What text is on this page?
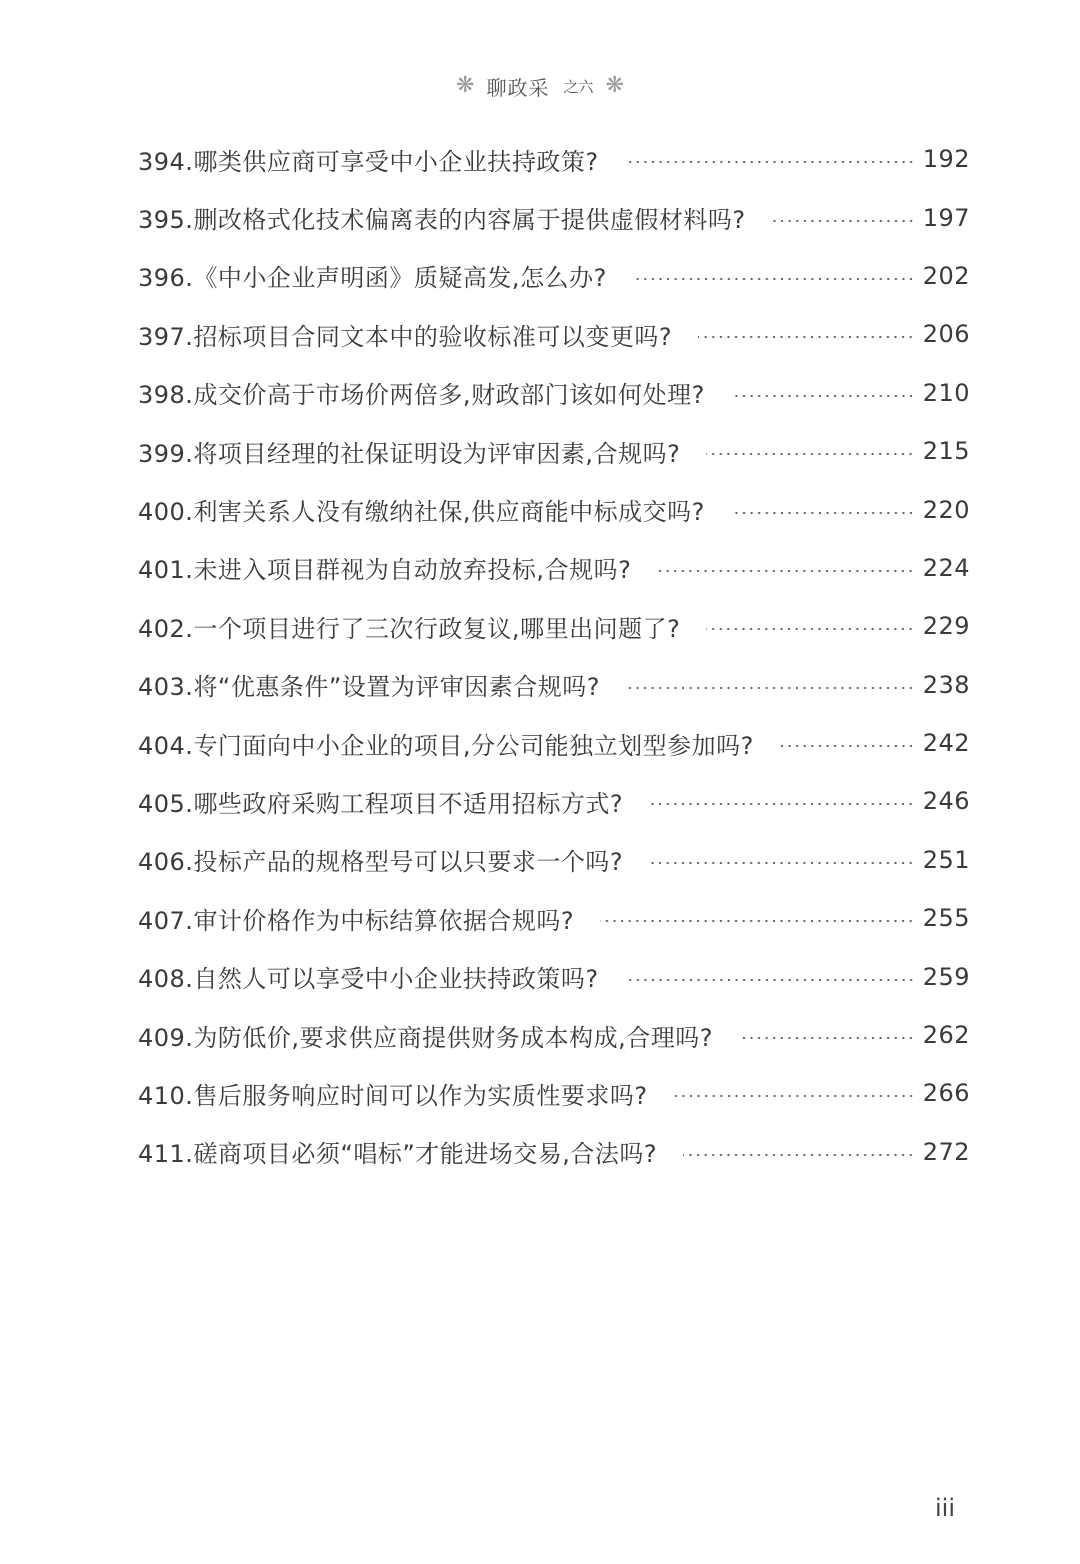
❋ 聊政采 之六 ❋
394.哪类供应商可享受中小企业扶持政策?	192
395.删改格式化技术偏离表的内容属于提供虚假材料吗?	197
396.《中小企业声明函》质疑高发,怎么办?	202
397.招标项目合同文本中的验收标准可以变更吗?	206
398.成交价高于市场价两倍多,财政部门该如何处理?	210
399.将项目经理的社保证明设为评审因素,合规吗?	215
400.利害关系人没有缴纳社保,供应商能中标成交吗?	220
401.未进入项目群视为自动放弃投标,合规吗?	224
402.一个项目进行了三次行政复议,哪里出问题了?	229
403.将“优惠条件”设置为评审因素合规吗?	238
404.专门面向中小企业的项目,分公司能独立划型参加吗?	242
405.哪些政府采购工程项目不适用招标方式?	246
406.投标产品的规格型号可以只要求一个吗?	251
407.审计价格作为中标结算依据合规吗?	255
408.自然人可以享受中小企业扶持政策吗?	259
409.为防低价,要求供应商提供财务成本构成,合理吗?	262
410.售后服务响应时间可以作为实质性要求吗?	266
411.磋商项目必须“唱标”才能进场交易,合法吗?	272
iii
